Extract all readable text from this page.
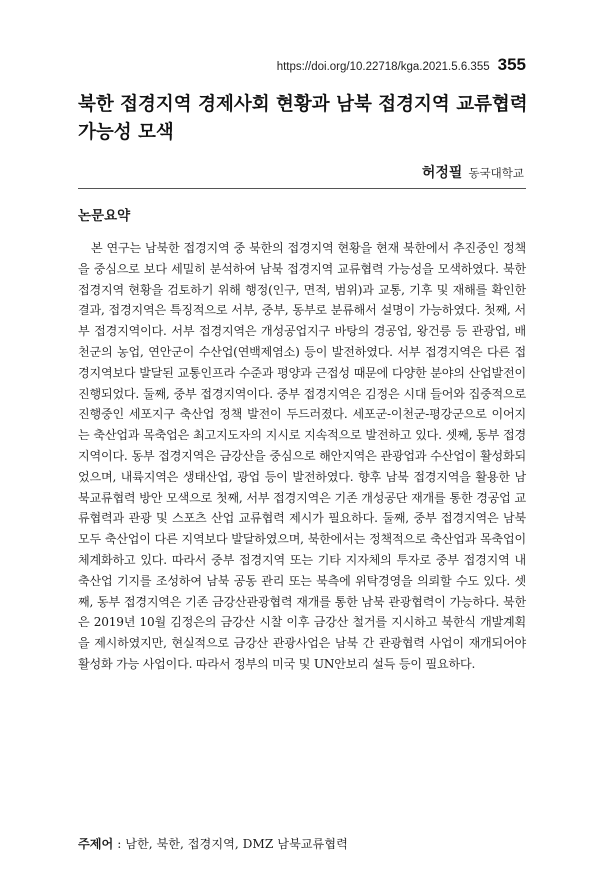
https://doi.org/10.22718/kga.2021.5.6.355 355
북한 접경지역 경제사회 현황과 남북 접경지역 교류협력 가능성 모색
허정필 동국대학교
논문요약

본 연구는 남북한 접경지역 중 북한의 접경지역 현황을 현재 북한에서 추진중인 정책을 중심으로 보다 세밀히 분석하여 남북 접경지역 교류협력 가능성을 모색하였다. 북한 접경지역 현황을 검토하기 위해 행정(인구, 면적, 범위)과 교통, 기후 및 재해를 확인한 결과, 접경지역은 특징적으로 서부, 중부, 동부로 분류해서 설명이 가능하였다. 첫째, 서부 접경지역이다. 서부 접경지역은 개성공업지구 바탕의 경공업, 왕건릉 등 관광업, 배천군의 농업, 연안군이 수산업(연백제염소) 등이 발전하였다. 서부 접경지역은 다른 접경지역보다 발달된 교통인프라 수준과 평양과 근접성 때문에 다양한 분야의 산업발전이 진행되었다. 둘째, 중부 접경지역이다. 중부 접경지역은 김정은 시대 들어와 집중적으로 진행중인 세포지구 축산업 정책 발전이 두드러졌다. 세포군-이천군-평강군으로 이어지는 축산업과 목축업은 최고지도자의 지시로 지속적으로 발전하고 있다. 셋째, 동부 접경지역이다. 동부 접경지역은 금강산을 중심으로 해안지역은 관광업과 수산업이 활성화되었으며, 내륙지역은 생태산업, 광업 등이 발전하였다. 향후 남북 접경지역을 활용한 남북교류협력 방안 모색으로 첫째, 서부 접경지역은 기존 개성공단 재개를 통한 경공업 교류협력과 관광 및 스포츠 산업 교류협력 제시가 필요하다. 둘째, 중부 접경지역은 남북 모두 축산업이 다른 지역보다 발달하였으며, 북한에서는 정책적으로 축산업과 목축업이 체계화하고 있다. 따라서 중부 접경지역 또는 기타 지자체의 투자로 중부 접경지역 내 축산업 기지를 조성하여 남북 공동 관리 또는 북측에 위탁경영을 의뢰할 수도 있다. 셋째, 동부 접경지역은 기존 금강산관광협력 재개를 통한 남북 관광협력이 가능하다. 북한은 2019년 10월 김정은의 금강산 시찰 이후 금강산 철거를 지시하고 북한식 개발계획을 제시하였지만, 현실적으로 금강산 관광사업은 남북 간 관광협력 사업이 재개되어야 활성화 가능 사업이다. 따라서 정부의 미국 및 UN안보리 설득 등이 필요하다.

주제어 : 남한, 북한, 접경지역, DMZ 남북교류협력
